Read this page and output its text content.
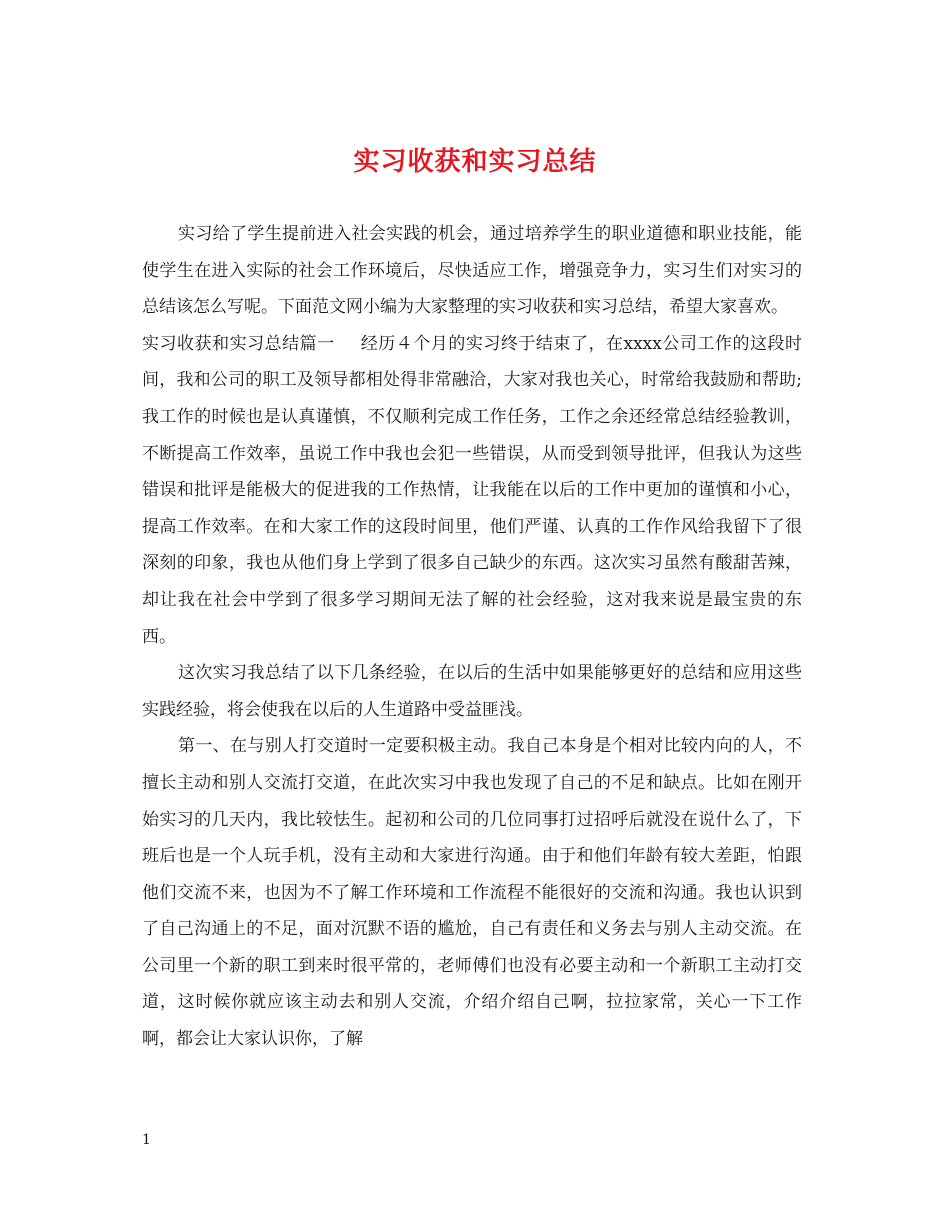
实习收获和实习总结

实习给了学生提前进入社会实践的机会，通过培养学生的职业道德和职业技能，能使学生在进入实际的社会工作环境后，尽快适应工作，增强竞争力，实习生们对实习的总结该怎么写呢。下面范文网小编为大家整理的实习收获和实习总结，希望大家喜欢。

实习收获和实习总结篇一 经历４个月的实习终于结束了，在xxxx公司工作的这段时间，我和公司的职工及领导都相处得非常融洽，大家对我也关心，时常给我鼓励和帮助;我工作的时候也是认真谨慎，不仅顺利完成工作任务，工作之余还经常总结经验教训，不断提高工作效率，虽说工作中我也会犯一些错误，从而受到领导批评，但我认为这些错误和批评是能极大的促进我的工作热情，让我能在以后的工作中更加的谨慎和小心，提高工作效率。在和大家工作的这段时间里，他们严谨、认真的工作作风给我留下了很深刻的印象，我也从他们身上学到了很多自己缺少的东西。这次实习虽然有酸甜苦辣，却让我在社会中学到了很多学习期间无法了解的社会经验，这对我来说是最宝贵的东西。

这次实习我总结了以下几条经验，在以后的生活中如果能够更好的总结和应用这些实践经验，将会使我在以后的人生道路中受益匪浅。

第一、在与别人打交道时一定要积极主动。我自己本身是个相对比较内向的人，不擅长主动和别人交流打交道，在此次实习中我也发现了自己的不足和缺点。比如在刚开始实习的几天内，我比较怯生。起初和公司的几位同事打过招呼后就没在说什么了，下班后也是一个人玩手机，没有主动和大家进行沟通。由于和他们年龄有较大差距，怕跟他们交流不来，也因为不了解工作环境和工作流程不能很好的交流和沟通。我也认识到了自己沟通上的不足，面对沉默不语的尴尬，自己有责任和义务去与别人主动交流。在公司里一个新的职工到来时很平常的，老师傅们也没有必要主动和一个新职工主动打交道，这时候你就应该主动去和别人交流，介绍介绍自己啊，拉拉家常，关心一下工作啊，都会让大家认识你，了解

1
